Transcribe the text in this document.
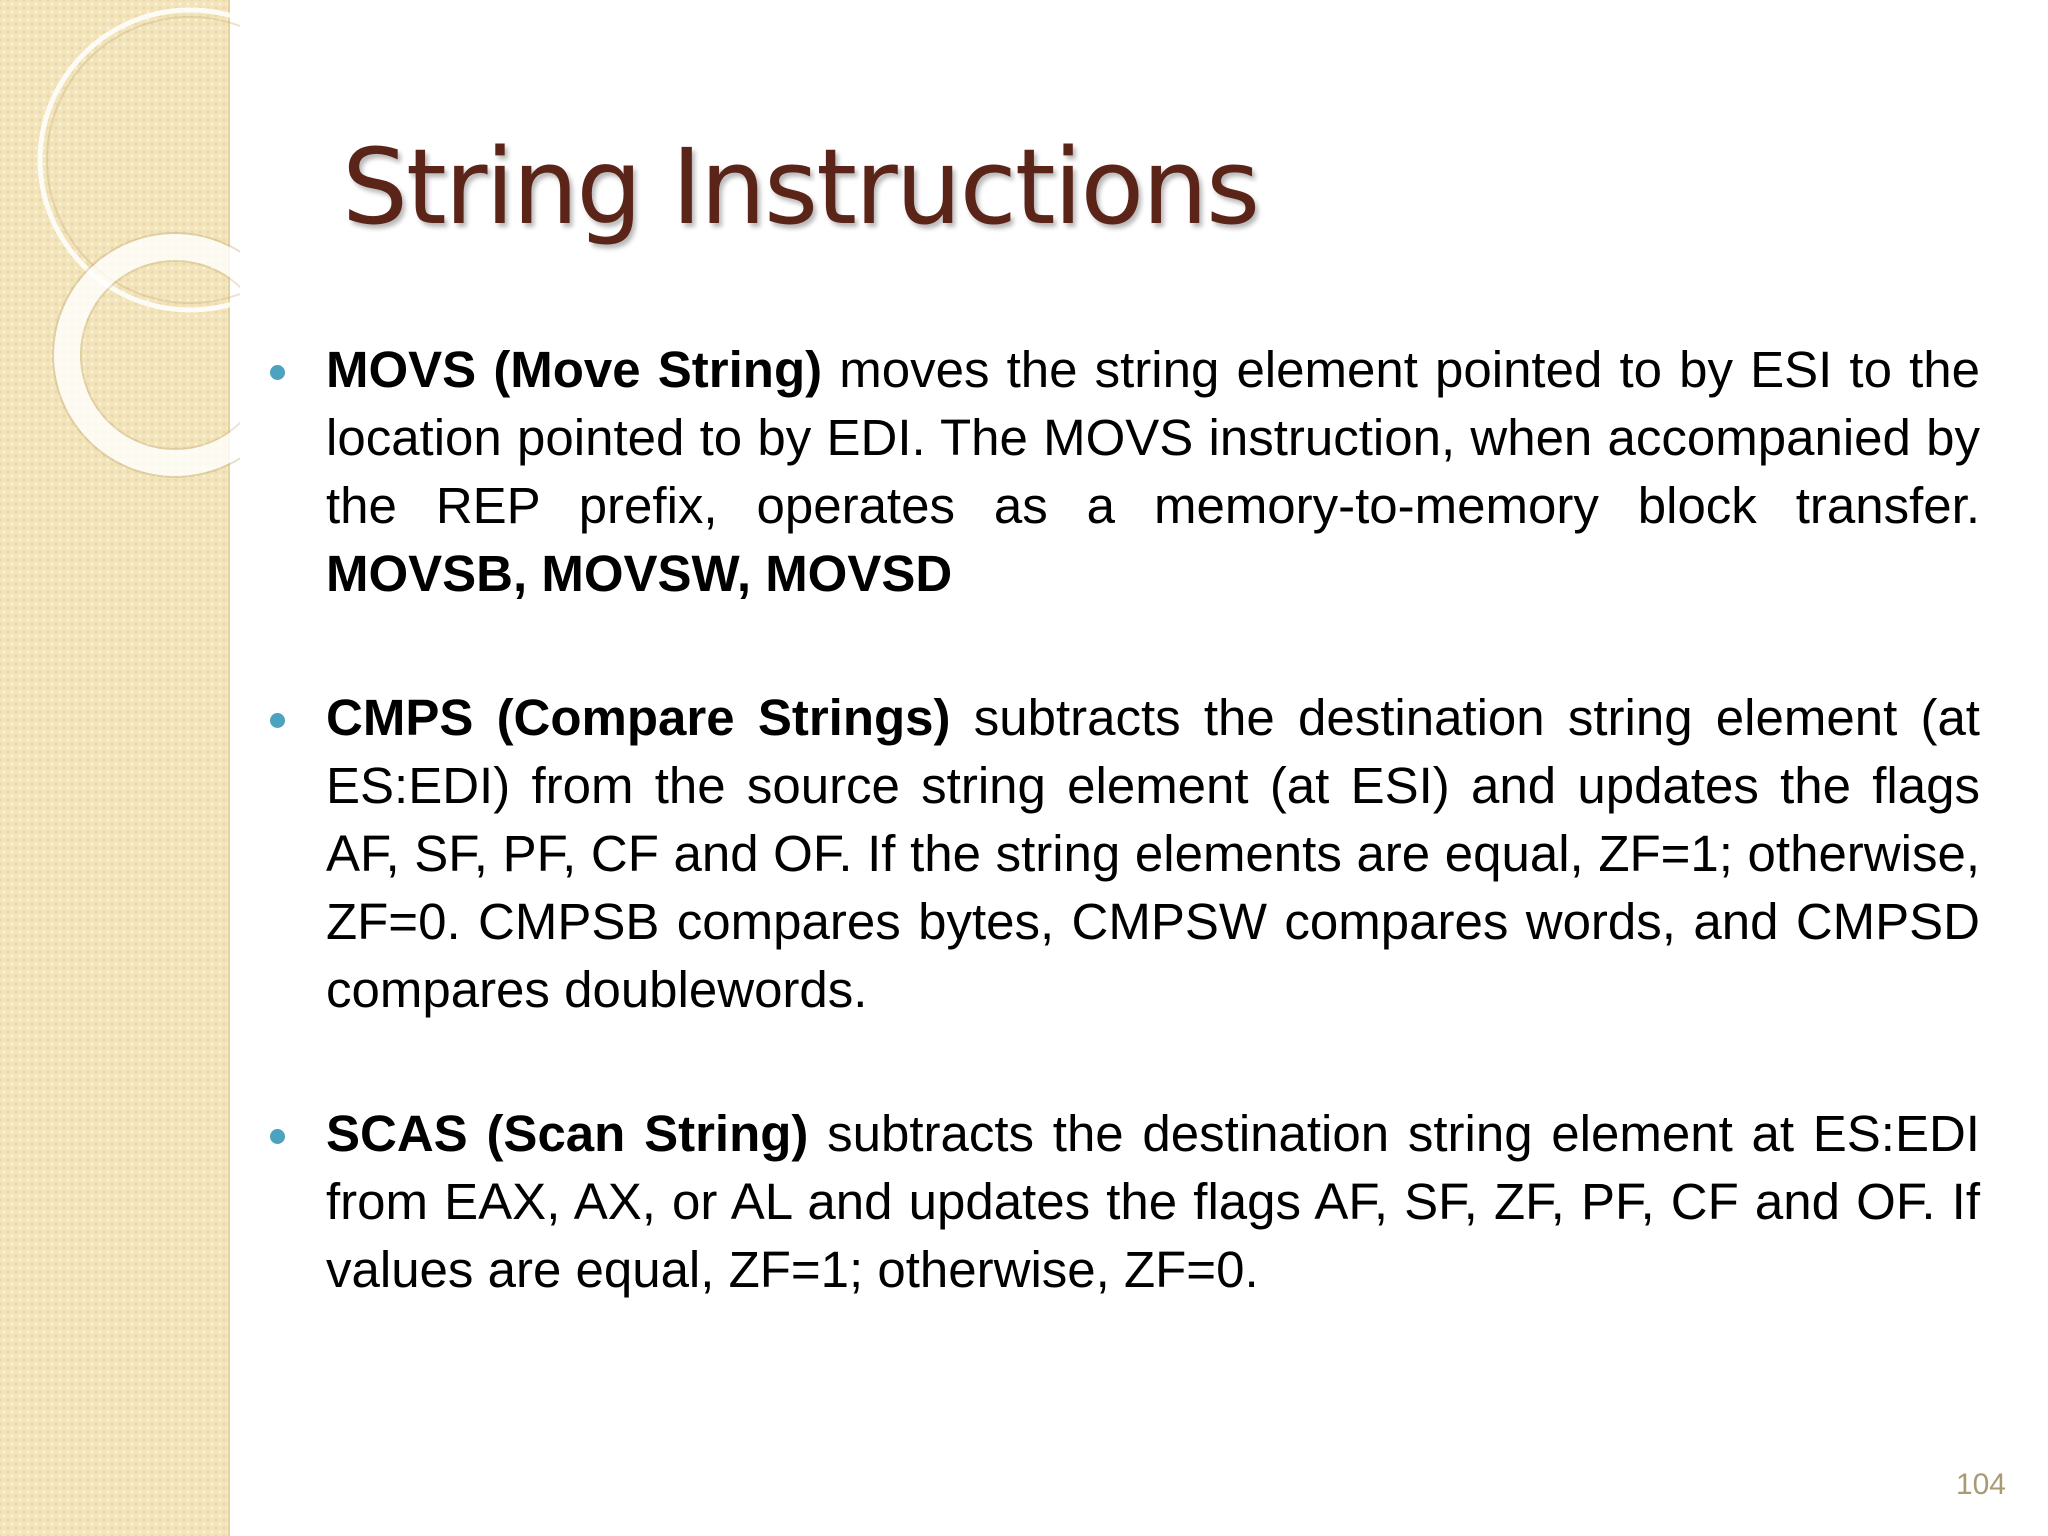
String Instructions
MOVS (Move String) moves the string element pointed to by ESI to the location pointed to by EDI. The MOVS instruction, when accompanied by the REP prefix, operates as a memory-to-memory block transfer. MOVSB, MOVSW, MOVSD
CMPS (Compare Strings) subtracts the destination string element (at ES:EDI) from the source string element (at ESI) and updates the flags AF, SF, PF, CF and OF. If the string elements are equal, ZF=1; otherwise, ZF=0. CMPSB compares bytes, CMPSW compares words, and CMPSD compares doublewords.
SCAS (Scan String) subtracts the destination string element at ES:EDI from EAX, AX, or AL and updates the flags AF, SF, ZF, PF, CF and OF. If values are equal, ZF=1; otherwise, ZF=0.
104
